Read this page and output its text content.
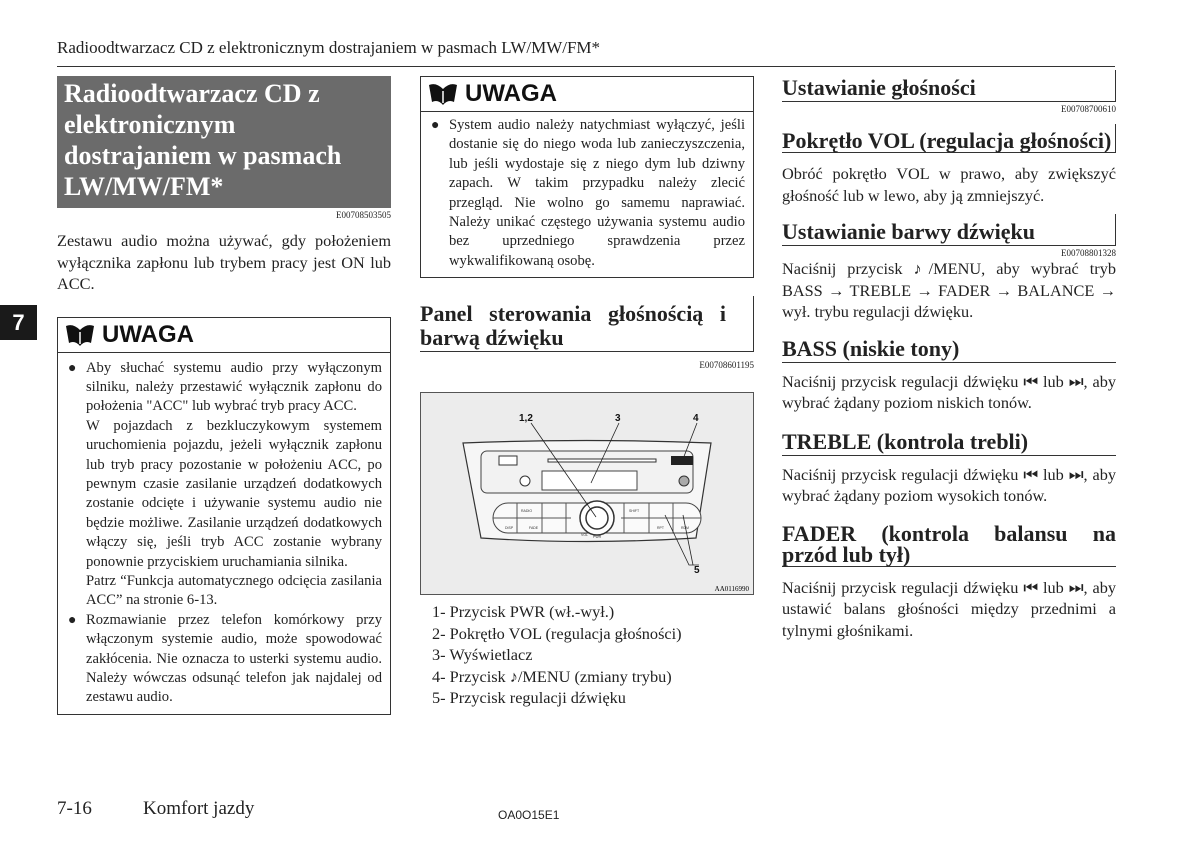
Radioodtwarzacz CD z elektronicznym dostrajaniem w pasmach LW/MW/FM*
7
Radioodtwarzacz CD z elektronicznym dostrajaniem w pasmach LW/MW/FM*
E00708503505
Zestawu audio można używać, gdy położeniem wyłącznika zapłonu lub trybem pracy jest ON lub ACC.
UWAGA
● Aby słuchać systemu audio przy wyłączonym silniku, należy przestawić wyłącznik zapłonu do położenia "ACC" lub wybrać tryb pracy ACC.
W pojazdach z bezkluczykowym systemem uruchomienia pojazdu, jeżeli wyłącznik zapłonu lub tryb pracy pozostanie w położeniu ACC, po pewnym czasie zasilanie urządzeń dodatkowych zostanie odcięte i używanie systemu audio nie będzie możliwe. Zasilanie urządzeń dodatkowych włączy się, jeśli tryb ACC zostanie wybrany ponownie przyciskiem uruchamiania silnika.
Patrz “Funkcja automatycznego odcięcia zasilania ACC” na stronie 6-13.
● Rozmawianie przez telefon komórkowy przy włączonym systemie audio, może spowodować zakłócenia. Nie oznacza to usterki systemu audio. Należy wówczas odsunąć telefon jak najdalej od zestawu audio.
UWAGA
● System audio należy natychmiast wyłączyć, jeśli dostanie się do niego woda lub zanieczyszczenia, lub jeśli wydostaje się z niego dym lub dziwny zapach. W takim przypadku należy zlecić przegląd. Nie wolno go samemu naprawiać. Należy unikać częstego używania systemu audio bez uprzedniego sprawdzenia przez wykwalifikowaną osobę.
Panel sterowania głośnością i barwą dźwięku
E00708601195
RADIO
DISP	FADE
SHIFT
RPT	RDM
PWR
VOL
1,2	3	4
5
AA0116990
1- Przycisk PWR (wł.-wył.)
2- Pokrętło VOL (regulacja głośności)
3- Wyświetlacz
4- Przycisk ♪/MENU (zmiany trybu)
5- Przycisk regulacji dźwięku
Ustawianie głośności
E00708700610
Pokrętło VOL (regulacja głośności)
Obróć pokrętło VOL w prawo, aby zwiększyć głośność lub w lewo, aby ją zmniejszyć.
Ustawianie barwy dźwięku
E00708801328
Naciśnij przycisk ♪/MENU, aby wybrać tryb BASS → TREBLE → FADER → BALANCE → wył. trybu regulacji dźwięku.
BASS (niskie tony)
Naciśnij przycisk regulacji dźwięku ⏮ lub ⏭, aby wybrać żądany poziom niskich tonów.
TREBLE (kontrola trebli)
Naciśnij przycisk regulacji dźwięku ⏮ lub ⏭, aby wybrać żądany poziom wysokich tonów.
FADER (kontrola balansu na przód lub tył)
Naciśnij przycisk regulacji dźwięku ⏮ lub ⏭, aby ustawić balans głośności między przednimi a tylnymi głośnikami.
7-16	Komfort jazdy	OA0O15E1
